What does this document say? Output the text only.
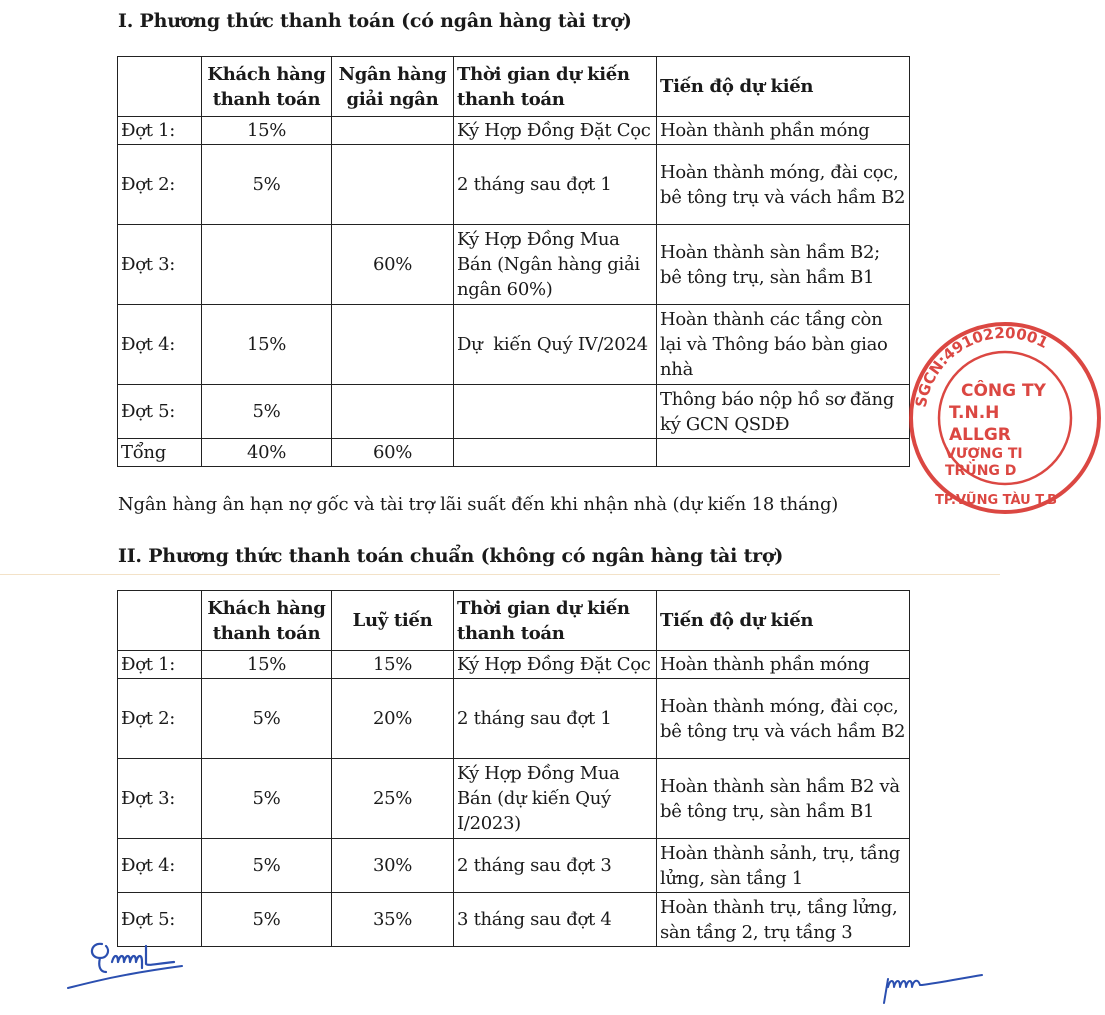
I. Phương thức thanh toán (có ngân hàng tài trợ)
	Khách hàng thanh toán	Ngân hàng giải ngân	Thời gian dự kiến thanh toán	Tiến độ dự kiến
Đợt 1:	15%		Ký Hợp Đồng Đặt Cọc	Hoàn thành phần móng
Đợt 2:	5%		2 tháng sau đợt 1	Hoàn thành móng, đài cọc, bê tông trụ và vách hầm B2
Đợt 3:		60%	Ký Hợp Đồng Mua Bán (Ngân hàng giải ngân 60%)	Hoàn thành sàn hầm B2; bê tông trụ, sàn hầm B1
Đợt 4:	15%		Dự  kiến Quý IV/2024	Hoàn thành các tầng còn lại và Thông báo bàn giao nhà
Đợt 5:	5%			Thông báo nộp hồ sơ đăng ký GCN QSDĐ
Tổng	40%	60%		
Ngân hàng ân hạn nợ gốc và tài trợ lãi suất đến khi nhận nhà (dự kiến 18 tháng)
II. Phương thức thanh toán chuẩn (không có ngân hàng tài trợ)
	Khách hàng thanh toán	Luỹ tiến	Thời gian dự kiến thanh toán	Tiến độ dự kiến
Đợt 1:	15%	15%	Ký Hợp Đồng Đặt Cọc	Hoàn thành phần móng
Đợt 2:	5%	20%	2 tháng sau đợt 1	Hoàn thành móng, đài cọc, bê tông trụ và vách hầm B2
Đợt 3:	5%	25%	Ký Hợp Đồng Mua Bán (dự kiến Quý I/2023)	Hoàn thành sàn hầm B2 và bê tông trụ, sàn hầm B1
Đợt 4:	5%	30%	2 tháng sau đợt 3	Hoàn thành sảnh, trụ, tầng lửng, sàn tầng 1
Đợt 5:	5%	35%	3 tháng sau đợt 4	Hoàn thành trụ, tầng lửng, sàn tầng 2, trụ tầng 3
SGCN:4910220001
CÔNG TY
T.N.H
ALLGR
VƯỢNG TI
TRÙNG D
TP.VŨNG TÀU T.B
